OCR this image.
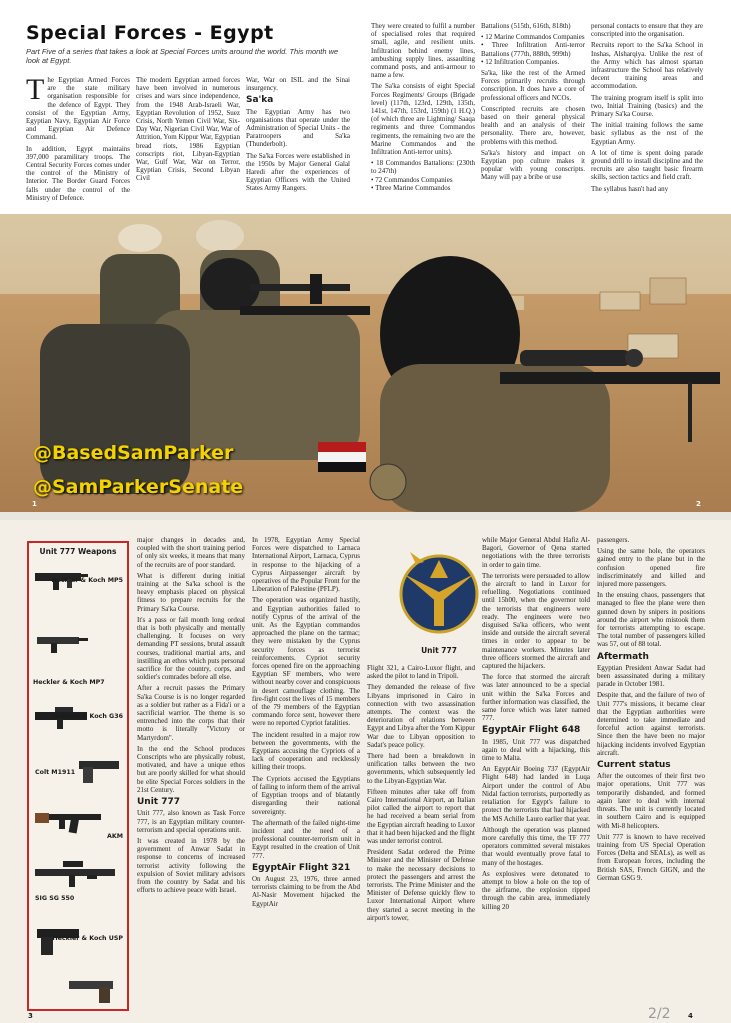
Special Forces - Egypt

Part Five of a series that takes a look at Special Forces units around the world. This month we look at Egypt.

The Egyptian Armed Forces are the state military organisation responsible for the defence of Egypt. They consist of the Egyptian Army, Egyptian Navy, Egyptian Air Force and Egyptian Air Defence Command.

In addition, Egypt maintains 397,000 paramilitary troops. The Central Security Forces comes under the control of the Ministry of Interior. The Border Guard Forces falls under the control of the Ministry of Defence.

The modern Egyptian armed forces have been involved in numerous crises and wars since independence, from the 1948 Arab-Israeli War, Egyptian Revolution of 1952, Suez Crisis, North Yemen Civil War, Six-Day War, Nigerian Civil War, War of Attrition, Yom Kippur War, Egyptian bread riots, 1986 Egyptian conscripts riot, Libyan-Egyptian War, Gulf War, War on Terror, Egyptian Crisis, Second Libyan Civil

War, War on ISIL and the Sinai insurgency.

Sa'ka

The Egyptian Army has two organisations that operate under the Administration of Special Units - the Paratroopers and Sa'ka (Thunderbolt).

The Sa'ka Forces were established in the 1950s by Major General Galal Haredi after the experiences of Egyptian Officers with the United States Army Rangers.

They were created to fulfil a number of specialised roles that required small, agile, and resilient units. Infiltration behind enemy lines, ambushing supply lines, assaulting command posts, and anti-armour to name a few.

The Sa'ka consists of eight Special Forces Regiments/ Groups (Brigade level) (117th, 123rd, 129th, 135th, 141st, 147th, 153rd, 159th) (1 H.Q.) (of which three are Lightning/ Saaqa regiments and three Commandos regiments, the remaining two are the Marine Commandos and the Infiltration Anti-terror units).

• 18 Commandos Battalions: (230th to 247th)

• 72 Commandos Companies

• Three Marine Commandos

Battalions (515th, 616th, 818th)

• 12 Marine Commandos Companies

• Three Infiltration Anti-terror Battalions (777th, 888th, 999th)

• 12 Infiltration Companies.

Sa'ka, like the rest of the Armed Forces primarily recruits through conscription. It does have a core of professional officers and NCOs.

Conscripted recruits are chosen based on their general physical health and an analysis of their personality. There are, however, problems with this method.

Sa'ka's history and impact on Egyptian pop culture makes it popular with young conscripts. Many will pay a bribe or use

personal contacts to ensure that they are conscripted into the organisation.

Recruits report to the Sa'ka School in Inshas, Alsharqiya. Unlike the rest of the Army which has almost spartan infrastructure the School has relatively decent training areas and accommodation.

The training program itself is split into two, Initial Training (basics) and the Primary Sa'ka Course.

The initial training follows the same basic syllabus as the rest of the Egyptian Army.

A lot of time is spent doing parade ground drill to install discipline and the recruits are also taught basic firearm skills, section tactics and field craft.

The syllabus hasn't had any

@BasedSamParker
@SamParkerSenate
1	2
Unit 777 Weapons
Heckler & Koch MP5
Heckler & Koch MP7
Heckler & Koch G36
Colt M1911
AKM
SIG SG 550
Heckler & Koch USP

major changes in decades and, coupled with the short training period of only six weeks, it means that many of the recruits are of poor standard.

What is different during initial training at the Sa'ka school is the heavy emphasis placed on physical fitness to prepare recruits for the Primary Sa'ka Course.

It's a pass or fail month long ordeal that is both physically and mentally challenging. It focuses on very demanding PT sessions, brutal assault courses, traditional martial arts, and instilling an ethos which puts personal sacrifice for the country, corps, and soldier's comrades before all else.

After a recruit passes the Primary Sa'ka Course is is no longer regarded as a soldier but rather as a Fida'i or a sacrificial warrior. The theme is so entrenched into the corps that their motto is literally "Victory or Martyrdom".

In the end the School produces Conscripts who are physically robust, motivated, and have a unique ethos but are poorly skilled for what should be elite Special Forces soldiers in the 21st Century.

Unit 777

Unit 777, also known as Task Force 777, is an Egyptian military counter-terrorism and special operations unit.

It was created in 1978 by the government of Anwar Sadat in response to concerns of increased terrorist activity following the expulsion of Soviet military advisors from the country by Sadat and his efforts to achieve peace with Israel.

In 1978, Egyptian Army Special Forces were dispatched to Larnaca International Airport, Larnaca, Cyprus in response to the hijacking of a Cyprus Airpassenger aircraft by operatives of the Popular Front for the Liberation of Palestine (PFLP).

The operation was organized hastily, and Egyptian authorities failed to notify Cyprus of the arrival of the unit. As the Egyptian commandos approached the plane on the tarmac; they were mistaken by the Cyprus security forces as terrorist reinforcements. Cypriot security forces opened fire on the approaching Egyptian SF members, who were without nearby cover and conspicuous in desert camouflage clothing. The fire-fight cost the lives of 15 members of the 79 members of the Egyptian commando force sent, however there were no reported Cypriot fatalities.

The incident resulted in a major row between the governments, with the Egyptians accusing the Cypriots of a lack of cooperation and recklessly killing their troops.

The Cypriots accused the Egyptians of failing to inform them of the arrival of Egyptian troops and of blatantly disregarding their national sovereignty.

The aftermath of the failed night-time incident and the need of a professional counter-terrorism unit in Egypt resulted in the creation of Unit 777.

EgyptAir Flight 321

On August 23, 1976, three armed terrorists claiming to be from the Abd Al-Nasir Movement hijacked the EgyptAir

Unit 777

Flight 321, a Cairo-Luxor flight, and asked the pilot to land in Tripoli.

They demanded the release of five Libyans imprisoned in Cairo in connection with two assassination attempts. The context was the deterioration of relations between Egypt and Libya after the Yom Kippur War due to Libyan opposition to Sadat's peace policy.

There had been a breakdown in unification talks between the two governments, which subsequently led to the Libyan-Egyptian War.

Fifteen minutes after take off from Cairo International Airport, an Italian pilot called the airport to report that he had received a beam serial from the Egyptian aircraft heading to Luxor that it had been hijacked and the flight was under terrorist control.

President Sadat ordered the Prime Minister and the Minister of Defense to make the necessary decisions to protect the passengers and arrest the terrorists. The Prime Minister and the Minister of Defense quickly flew to Luxor International Airport where they started a secret meeting in the airport's tower,

while Major General Abdul Hafiz Al-Bagori, Governor of Qena started negotiations with the three terrorists in order to gain time.

The terrorists were persuaded to allow the aircraft to land in Luxor for refuelling. Negotiations continued until 15h00, when the governor told the terrorists that engineers were ready. The engineers were two disguised Sa'ka officers, who went inside and outside the aircraft several times in order to appear to be maintenance workers. Minutes later three officers stormed the aircraft and captured the hijackers.

The force that stormed the aircraft was later announced to be a special unit within the Sa'ka Forces and further information was classified, the same force which was later named 777.

EgyptAir Flight 648

In 1985, Unit 777 was dispatched again to deal with a hijacking, this time to Malta.

An EgyptAir Boeing 737 (EgyptAir Flight 648) had landed in Luqa Airport under the control of Abu Nidal faction terrorists, purportedly as retaliation for Egypt's failure to protect the terrorists that had hijacked the MS Achille Lauro earlier that year.

Although the operation was planned more carefully this time, the TF 777 operators committed several mistakes that would eventually prove fatal to many of the hostages.

As explosives were detonated to attempt to blow a hole on the top of the airframe, the explosion ripped through the cabin area, immediately killing 20

passengers.

Using the same hole, the operators gained entry to the plane but in the confusion opened fire indiscriminately and killed and injured more passengers.

In the ensuing chaos, passengers that managed to flee the plane were then gunned down by snipers in positions around the airport who mistook them for terrorists attempting to escape. The total number of passengers killed was 57, out of 88 total.

Aftermath

Egyptian President Anwar Sadat had been assassinated during a military parade in October 1981.

Despite that, and the failure of two of Unit 777's missions, it became clear that the Egyptian authorities were determined to take immediate and forceful action against terrorists. Since then the have been no major hijacking incidents involved Egyptian aircraft.

Current status

After the outcomes of their first two major operations, Unit 777 was temporarily disbanded, and formed again later to deal with internal threats. The unit is currently located in southern Cairo and is equipped with Mi-8 helicopters.

Unit 777 is known to have received training from US Special Operation Forces (Delta and SEALs), as well as from European forces, including the British SAS, French GIGN, and the German GSG 9.

3	4
2/2
